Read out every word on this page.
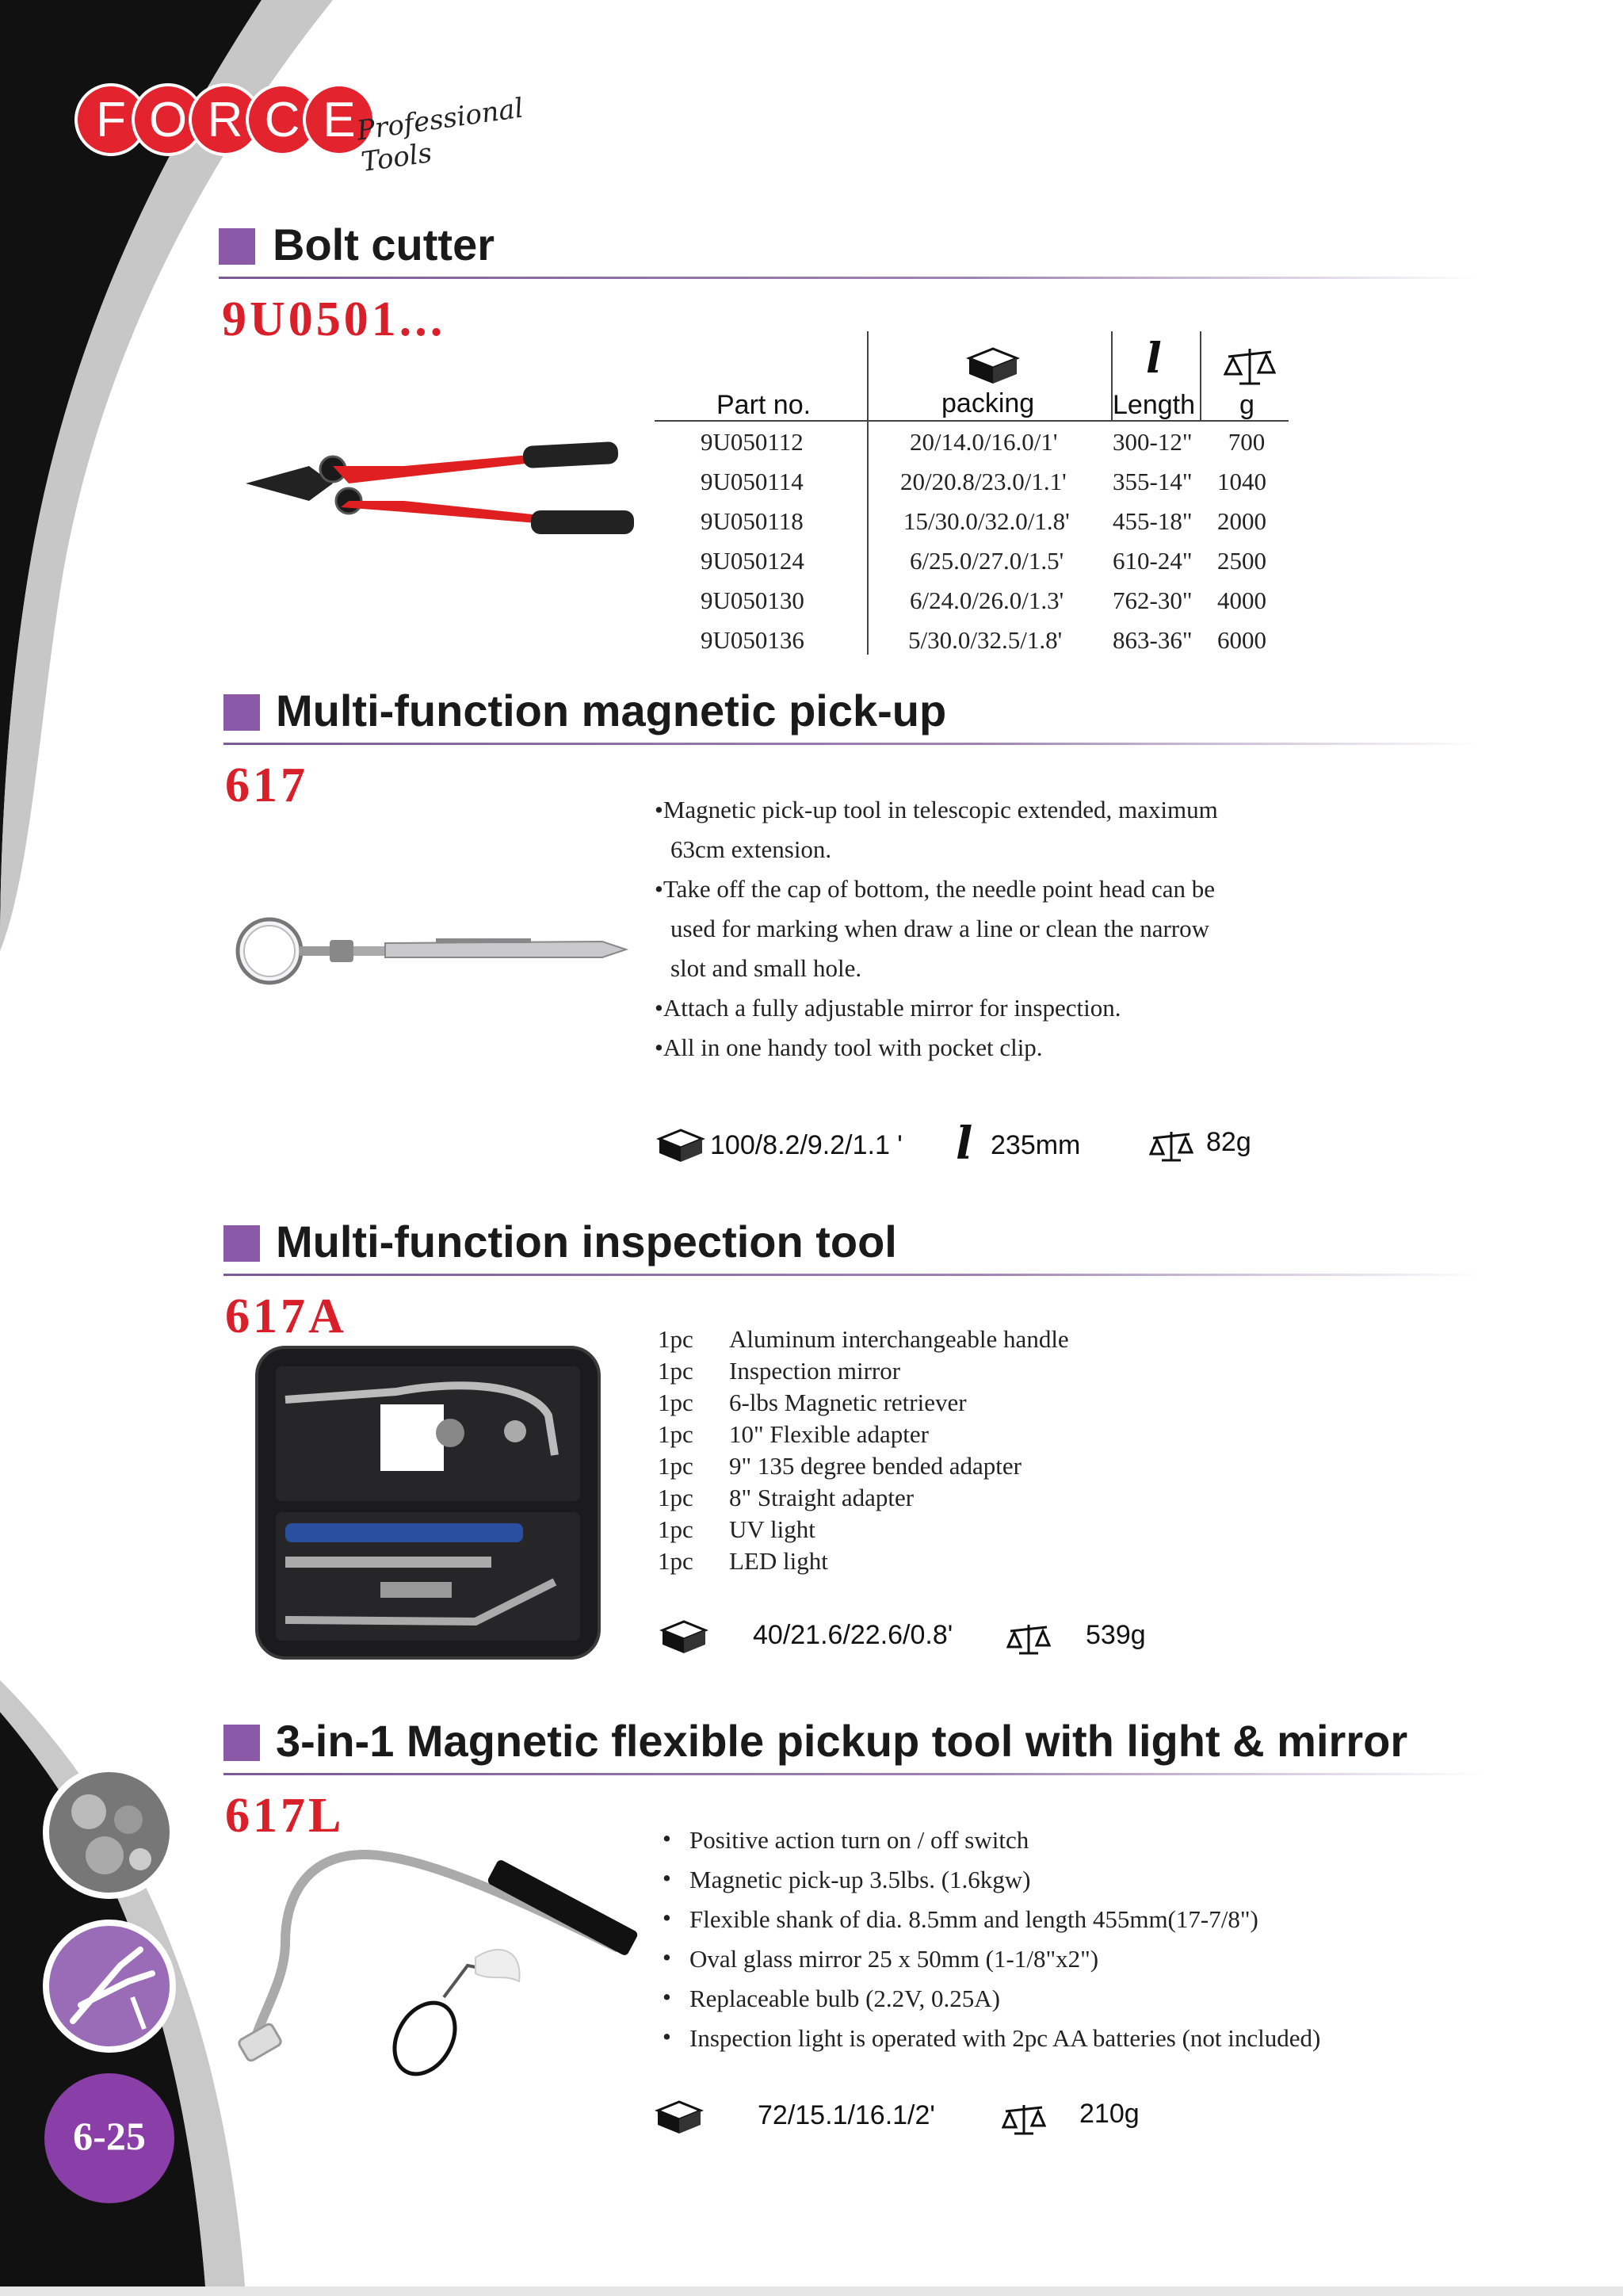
F O R C E Professional Tools
Bolt cutter
9U0501...
l
Part no.	packing	Length g
9U050112	20/14.0/16.0/1' 300-12" 700
9U050114	20/20.8/23.0/1.1' 355-14" 1040
9U050118	15/30.0/32.0/1.8' 455-18" 2000
9U050124	6/25.0/27.0/1.5' 610-24" 2500
9U050130	6/24.0/26.0/1.3' 762-30" 4000
9U050136	5/30.0/32.5/1.8' 863-36" 6000
Multi-function magnetic pick-up
617	•Magnetic pick-up tool in telescopic extended, maximum
63cm extension.
•Take off the cap of bottom, the needle point head can be
used for marking when draw a line or clean the narrow
slot and small hole.
•Attach a fully adjustable mirror for inspection.
•All in one handy tool with pocket clip.
100/8.2/9.2/1.1 ' l 235mm	82g
Multi-function inspection tool
617A	1pc Aluminum interchangeable handle
1pc Inspection mirror
1pc 6-lbs Magnetic retriever
1pc 10" Flexible adapter
1pc 9" 135 degree bended adapter
1pc 8" Straight adapter
1pc UV light
1pc LED light
40/21.6/22.6/0.8'	539g
3-in-1 Magnetic flexible pickup tool with light & mirror
617L	• Positive action turn on / off switch
• Magnetic pick-up 3.5lbs. (1.6kgw)
• Flexible shank of dia. 8.5mm and length 455mm(17-7/8")
• Oval glass mirror 25 x 50mm (1-1/8"x2")
• Replaceable bulb (2.2V, 0.25A)
• Inspection light is operated with 2pc AA batteries (not included)
72/15.1/16.1/2'	210g
6-25
